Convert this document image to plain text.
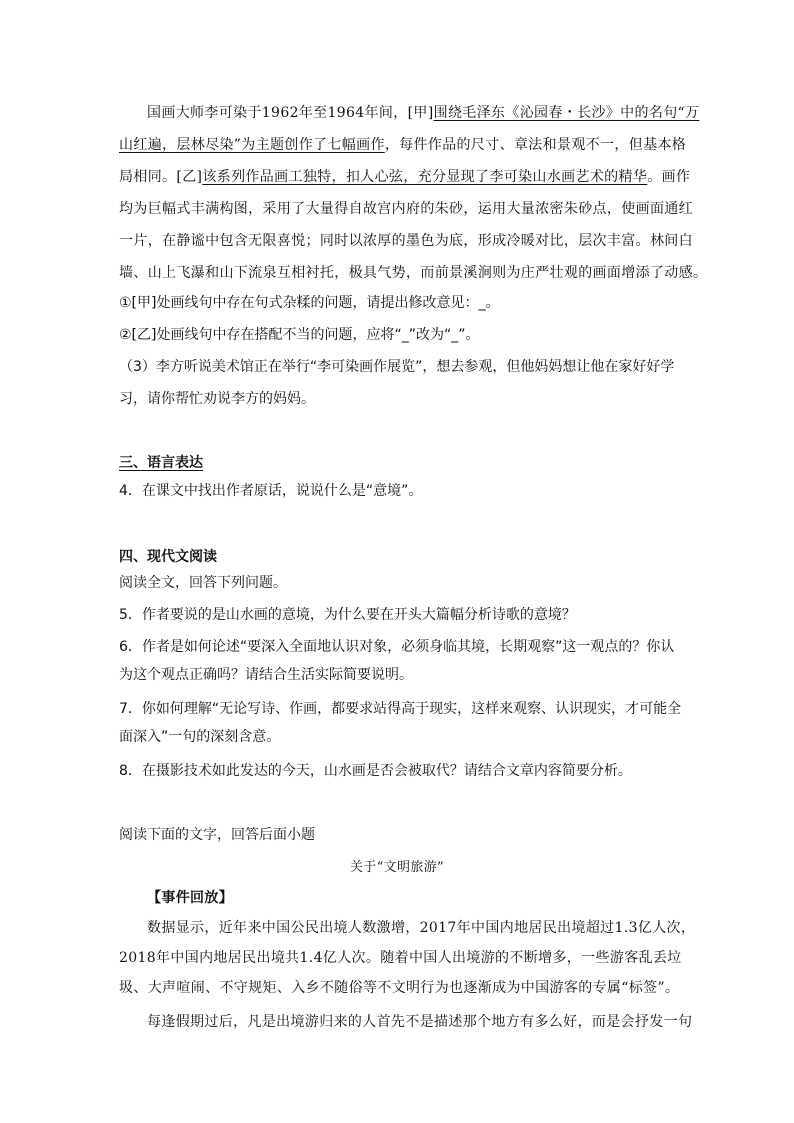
国画大师李可染于1962年至1964年间，[甲]围绕毛泽东《沁园春・长沙》中的名句“万
山红遍，层林尽染”为主题创作了七幅画作，每件作品的尺寸、章法和景观不一，但基本格
局相同。[乙]该系列作品画工独特，扣人心弦，充分显现了李可染山水画艺术的精华。画作
均为巨幅式丰满构图，采用了大量得自故宫内府的朱砂，运用大量浓密朱砂点，使画面通红
一片，在静谧中包含无限喜悦；同时以浓厚的墨色为底，形成冷暖对比，层次丰富。林间白
墙、山上飞瀑和山下流泉互相衬托，极具气势，而前景溪涧则为庄严壮观的画面增添了动感。
①[甲]处画线句中存在句式杂糅的问题，请提出修改意见：_。
②[乙]处画线句中存在搭配不当的问题，应将“_”改为“_”。
（3）李方听说美术馆正在举行“李可染画作展览”，想去参观，但他妈妈想让他在家好好学
习，请你帮忙劝说李方的妈妈。
三、语言表达
4．在课文中找出作者原话，说说什么是“意境”。
四、现代文阅读
阅读全文，回答下列问题。
5．作者要说的是山水画的意境，为什么要在开头大篇幅分析诗歌的意境？
6．作者是如何论述“要深入全面地认识对象，必须身临其境，长期观察”这一观点的？你认
为这个观点正确吗？请结合生活实际简要说明。
7．你如何理解“无论写诗、作画，都要求站得高于现实，这样来观察、认识现实，才可能全
面深入”一句的深刻含意。
8．在摄影技术如此发达的今天，山水画是否会被取代？请结合文章内容简要分析。
阅读下面的文字，回答后面小题
关于“文明旅游”
【事件回放】
数据显示，近年来中国公民出境人数激增，2017年中国内地居民出境超过1.3亿人次，
2018年中国内地居民出境共1.4亿人次。随着中国人出境游的不断增多，一些游客乱丢垃
圾、大声喧闹、不守规矩、入乡不随俗等不文明行为也逐渐成为中国游客的专属“标签”。
每逢假期过后，凡是出境游归来的人首先不是描述那个地方有多么好，而是会抒发一句
